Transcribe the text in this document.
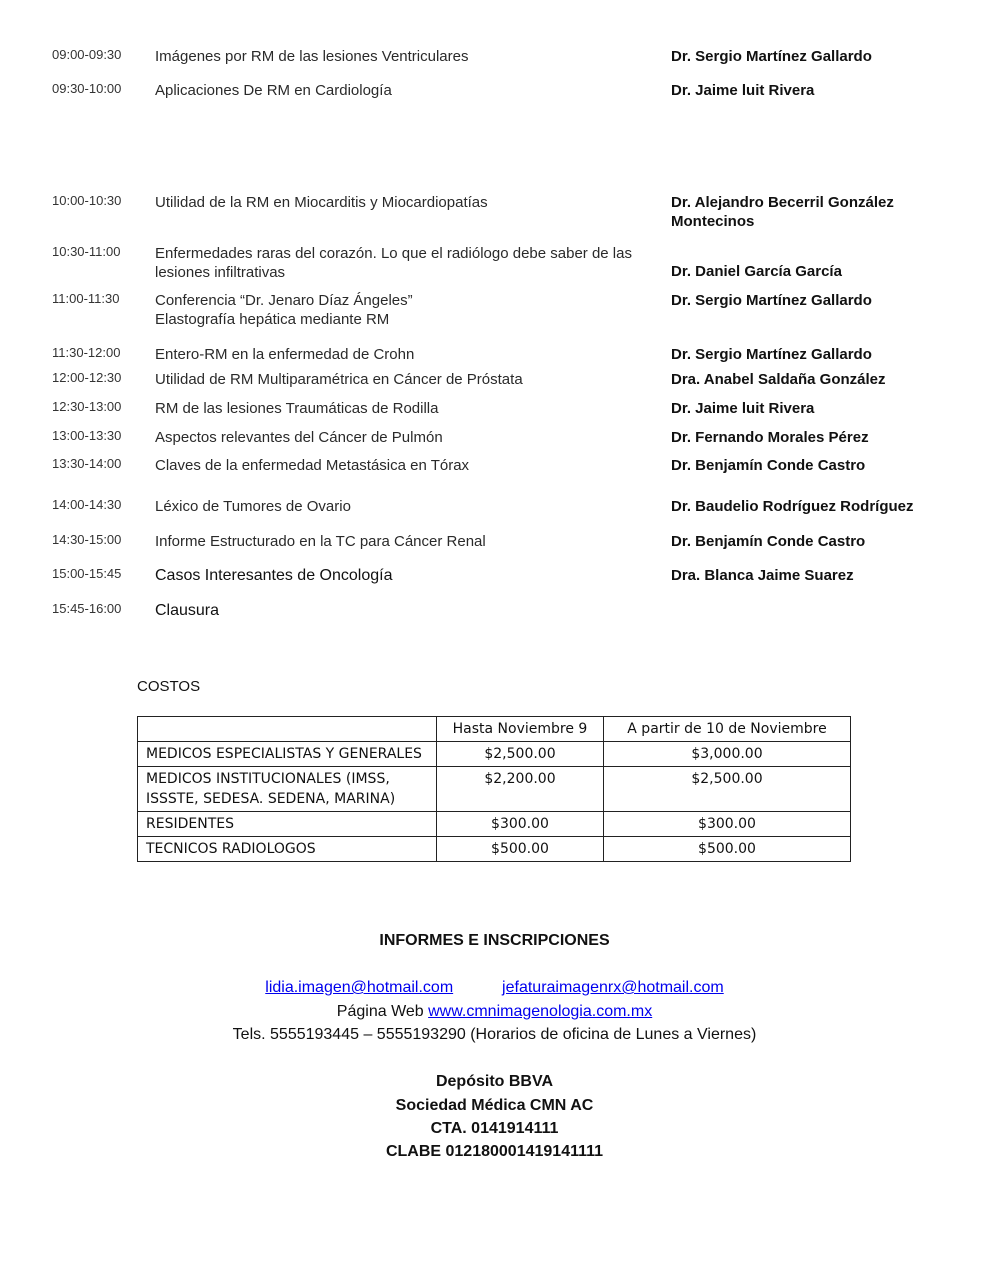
09:00-09:30 Imágenes por RM de las lesiones Ventriculares	Dr. Sergio Martínez Gallardo
09:30-10:00 Aplicaciones De RM en Cardiología	Dr. Jaime luit Rivera
10:00-10:30 Utilidad de la RM en Miocarditis y Miocardiopatías	Dr. Alejandro Becerril González Montecinos
10:30-11:00 Enfermedades raras del corazón. Lo que el radiólogo debe saber de las lesiones infiltrativas	Dr. Daniel García García
11:00-11:30 Conferencia “Dr. Jenaro Díaz Ángeles”
Elastografía hepática mediante RM
Dr. Sergio Martínez Gallardo
11:30-12:00 Entero-RM en la enfermedad de Crohn	Dr. Sergio Martínez Gallardo
12:00-12:30 Utilidad de RM Multiparamétrica en Cáncer de Próstata	Dra. Anabel Saldaña González
12:30-13:00 RM de las lesiones Traumáticas de Rodilla	Dr. Jaime luit Rivera
13:00-13:30 Aspectos relevantes del Cáncer de Pulmón	Dr. Fernando Morales Pérez
13:30-14:00 Claves de la enfermedad Metastásica en Tórax	Dr. Benjamín Conde Castro
14:00-14:30 Léxico de Tumores de Ovario	Dr. Baudelio Rodríguez Rodríguez
14:30-15:00 Informe Estructurado en la TC para Cáncer Renal	Dr. Benjamín Conde Castro
15:00-15:45 Casos Interesantes de Oncología	Dra. Blanca Jaime Suarez
15:45-16:00 Clausura
COSTOS
	Hasta Noviembre 9	A partir de 10 de Noviembre
MEDICOS ESPECIALISTAS Y GENERALES	$2,500.00	$3,000.00
MEDICOS INSTITUCIONALES (IMSS, ISSSTE, SEDESA. SEDENA, MARINA)	$2,200.00	$2,500.00
RESIDENTES	$300.00	$300.00
TECNICOS RADIOLOGOS	$500.00	$500.00
INFORMES E INSCRIPCIONES
lidia.imagen@hotmail.com	jefaturaimagenrx@hotmail.com
Página Web www.cmnimagenologia.com.mx
Tels. 5555193445 – 5555193290 (Horarios de oficina de Lunes a Viernes)
Depósito BBVA
Sociedad Médica CMN AC
CTA. 0141914111
CLABE 012180001419141111
